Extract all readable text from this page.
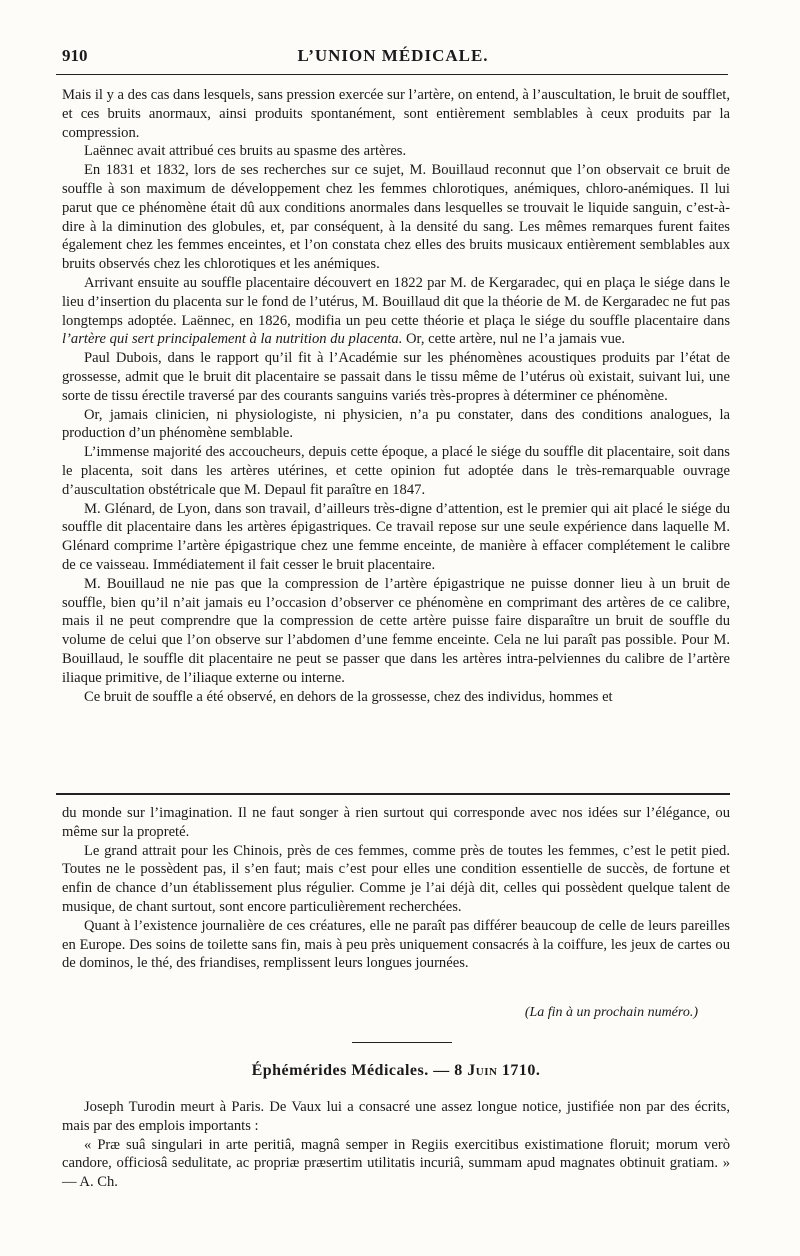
910	L’UNION MÉDICALE.

Mais il y a des cas dans lesquels, sans pression exercée sur l’artère, on entend, à l’auscultation, le bruit de soufflet, et ces bruits anormaux, ainsi produits spontanément, sont entièrement semblables à ceux produits par la compression.

Laënnec avait attribué ces bruits au spasme des artères.

En 1831 et 1832, lors de ses recherches sur ce sujet, M. Bouillaud reconnut que l’on observait ce bruit de souffle à son maximum de développement chez les femmes chlorotiques, anémiques, chloro-anémiques. Il lui parut que ce phénomène était dû aux conditions anormales dans lesquelles se trouvait le liquide sanguin, c’est-à-dire à la diminution des globules, et, par conséquent, à la densité du sang. Les mêmes remarques furent faites également chez les femmes enceintes, et l’on constata chez elles des bruits musicaux entièrement semblables aux bruits observés chez les chlorotiques et les anémiques.

Arrivant ensuite au souffle placentaire découvert en 1822 par M. de Kergaradec, qui en plaça le siége dans le lieu d’insertion du placenta sur le fond de l’utérus, M. Bouillaud dit que la théorie de M. de Kergaradec ne fut pas longtemps adoptée. Laënnec, en 1826, modifia un peu cette théorie et plaça le siége du souffle placentaire dans l’artère qui sert principalement à la nutrition du placenta. Or, cette artère, nul ne l’a jamais vue.

Paul Dubois, dans le rapport qu’il fit à l’Académie sur les phénomènes acoustiques produits par l’état de grossesse, admit que le bruit dit placentaire se passait dans le tissu même de l’utérus où existait, suivant lui, une sorte de tissu érectile traversé par des courants sanguins variés très-propres à déterminer ce phénomène.

Or, jamais clinicien, ni physiologiste, ni physicien, n’a pu constater, dans des conditions analogues, la production d’un phénomène semblable.

L’immense majorité des accoucheurs, depuis cette époque, a placé le siége du souffle dit placentaire, soit dans le placenta, soit dans les artères utérines, et cette opinion fut adoptée dans le très-remarquable ouvrage d’auscultation obstétricale que M. Depaul fit paraître en 1847.

M. Glénard, de Lyon, dans son travail, d’ailleurs très-digne d’attention, est le premier qui ait placé le siége du souffle dit placentaire dans les artères épigastriques. Ce travail repose sur une seule expérience dans laquelle M. Glénard comprime l’artère épigastrique chez une femme enceinte, de manière à effacer complétement le calibre de ce vaisseau. Immédiatement il fait cesser le bruit placentaire.

M. Bouillaud ne nie pas que la compression de l’artère épigastrique ne puisse donner lieu à un bruit de souffle, bien qu’il n’ait jamais eu l’occasion d’observer ce phénomène en comprimant des artères de ce calibre, mais il ne peut comprendre que la compression de cette artère puisse faire disparaître un bruit de souffle du volume de celui que l’on observe sur l’abdomen d’une femme enceinte. Cela ne lui paraît pas possible. Pour M. Bouillaud, le souffle dit placentaire ne peut se passer que dans les artères intra-pelviennes du calibre de l’artère iliaque primitive, de l’iliaque externe ou interne.

Ce bruit de souffle a été observé, en dehors de la grossesse, chez des individus, hommes et

du monde sur l’imagination. Il ne faut songer à rien surtout qui corresponde avec nos idées sur l’élégance, ou même sur la propreté.

Le grand attrait pour les Chinois, près de ces femmes, comme près de toutes les femmes, c’est le petit pied. Toutes ne le possèdent pas, il s’en faut; mais c’est pour elles une condition essentielle de succès, de fortune et enfin de chance d’un établissement plus régulier. Comme je l’ai déjà dit, celles qui possèdent quelque talent de musique, de chant surtout, sont encore particulièrement recherchées.

Quant à l’existence journalière de ces créatures, elle ne paraît pas différer beaucoup de celle de leurs pareilles en Europe. Des soins de toilette sans fin, mais à peu près uniquement consacrés à la coiffure, les jeux de cartes ou de dominos, le thé, des friandises, remplissent leurs longues journées.

(La fin à un prochain numéro.)
Éphémérides Médicales. — 8 Juin 1710.

Joseph Turodin meurt à Paris. De Vaux lui a consacré une assez longue notice, justifiée non par des écrits, mais par des emplois importants :

« Præ suâ singulari in arte peritiâ, magnâ semper in Regiis exercitibus existimatione floruit; morum verò candore, officiosâ sedulitate, ac propriæ præsertim utilitatis incuriâ, summam apud magnates obtinuit gratiam. » — A. Ch.
